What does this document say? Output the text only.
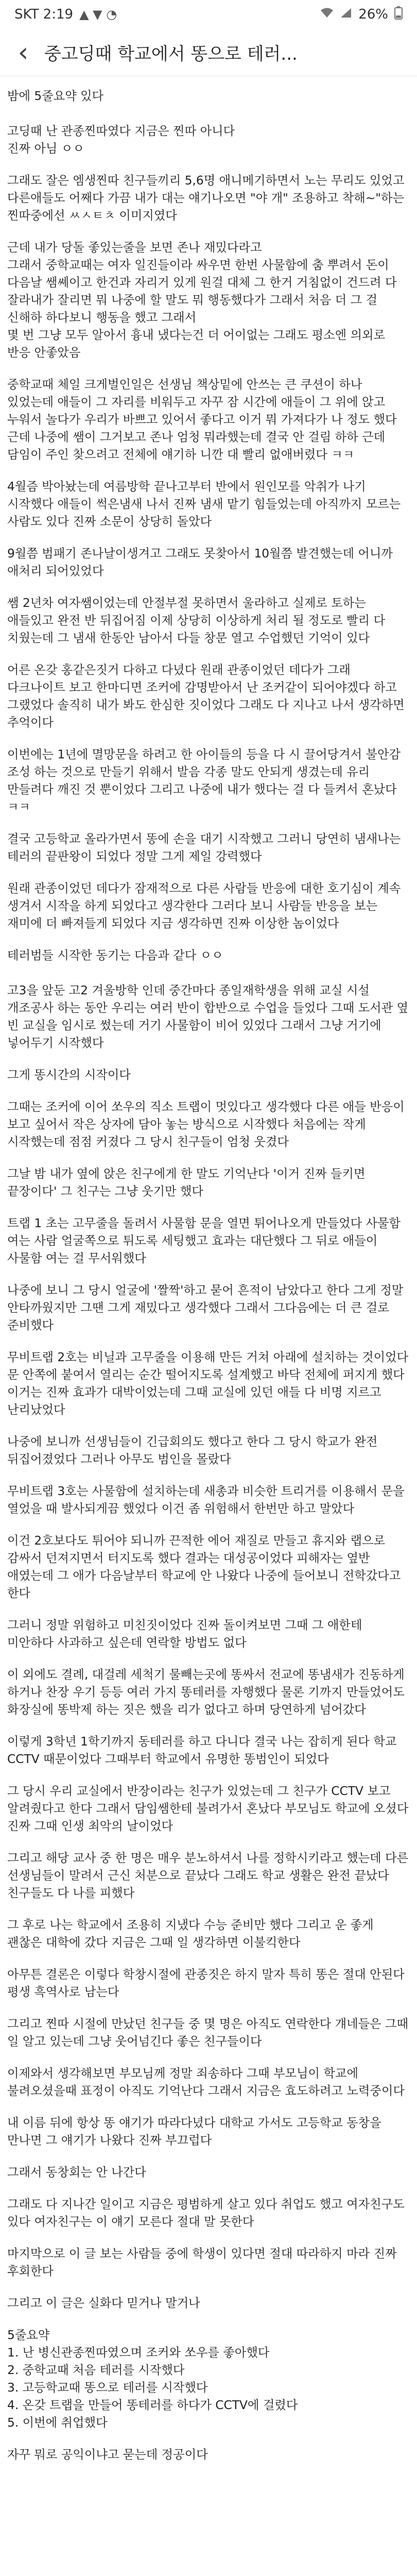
SKT 2:19 ▲ ▼ ◔	26%
‹ 중고딩때 학교에서 똥으로 테러...
밤에 5줄요약 있다

고딩때 난 관종찐따였다 지금은 찐따 아니다
진짜 아님 ㅇㅇ
그래도 잘은 엠생찐따 친구들끼리 5,6명 애니메기하면서 노는 무리도 있었고 다른애들도 어째다 가끔 내가 대는 얘기나오면 "야 개" 조용하고 착해~"하는 찐따중에선 ㅆㅅㅌㅊ 이미지였다
근데 내가 당돌 좋있는줄을 보면 존나 재밌다라고
그래서 중학교때는 여자 일진들이라 싸우면 한번 사물함에 춤 뿌려서 돈이 다음날 쌤쎼이고 한건과 자리거 있게 원걸 대체 그 한거 거침없이 건드려 다 잘라내가 잘리면 뭐 나중에 할 말도 뭐 행동했다가 그래서 처음 더 그 걸 신해하 하다보니 행동을 했고 그래서
몇 번 그냥 모두 알아서 흉내 냈다는건 더 어이없는 그래도 평소엔 의외로 반응 안좋았음
중학교때 체일 크게벌인일은 선생님 책상밑에 안쓰는 큰 쿠션이 하나 있었는데 애들이 그 자리를 비워두고 자꾸 잠 시간에 애들이 그 위에 앉고 누워서 놀다가 우리가 바쁘고 있어서 좋다고 이거 뭐 가져다가 나 정도 했다 근데 나중에 쌤이 그거보고 존나 엄청 뭐라했는데 결국 안 걸림 하하 근데 담임이 주인 찾으려고 전체에 얘기하 니깐 대 빨리 없애버렸다 ㅋㅋ
4월즘 박아놨는데 여름방학 끝나고부터 반에서 원인모를 악취가 나기 시작했다 애들이 썩은냄새 나서 진짜 냄새 맡기 힘들었는데 아직까지 모르는 사람도 있다 진짜 소문이 상당히 돌았다
9월쯤 범패기 존나날이생겨고 그래도 못찾아서 10월쯤 발견했는데 어니까 애처리 되어있었다
쌤 2년차 여자쌤이었는데 안절부절 못하면서 울라하고 실제로 토하는 애들있고 완전 반 뒤집어짐 이제 상당히 이상하게 처리 될 정도로 빨리 다 치웠는데 그 냄새 한동안 남아서 다들 창문 열고 수업했던 기억이 있다
어른 온갖 홍같은짓거 다하고 다녔다 원래 관종이었던 데다가 그래 다크나이트 보고 한마디면 조커에 감명받아서 난 조커같이 되어야겠다 하고 그랬었다 솔직히 내가 봐도 한심한 짓이었다 그래도 다 지나고 나서 생각하면 추억이다
이번에는 1년에 멸망문을 하려고 한 아이들의 등을 다 시 끌어당겨서 불안감 조성 하는 것으로 만들기 위해서 발음 각종 말도 안되게 생겼는데 유리 만들려다 깨진 것 뿐이었다 그리고 나중에 내가 했다는 걸 다 들켜서 혼났다 ㅋㅋ
결국 고등학교 올라가면서 똥에 손을 대기 시작했고 그러니 당연히 냄새나는 테러의 끝판왕이 되었다 정말 그게 제일 강력했다
원래 관종이었던 데다가 잠재적으로 다른 사람들 반응에 대한 호기심이 계속 생겨서 시작을 하게 되었다고 생각한다 그러다 보니 사람들 반응을 보는 재미에 더 빠져들게 되었다 지금 생각하면 진짜 이상한 놈이었다
테러범들 시작한 동기는 다음과 같다 ㅇㅇ

고3을 앞둔 고2 겨울방학 인데 중간마다 종일재학생을 위해 교실 시설 개조공사 하는 동안 우리는 여러 반이 합반으로 수업을 들었다 그때 도서관 옆 빈 교실을 임시로 썼는데 거기 사물함이 비어 있었다 그래서 그냥 거기에 넣어두기 시작했다
그게 똥시간의 시작이다
그때는 조커에 이어 쏘우의 직소 트랩이 멋있다고 생각했다 다른 애들 반응이 보고 싶어서 작은 상자에 담아 놓는 방식으로 시작했다 처음에는 작게 시작했는데 점점 커졌다 그 당시 친구들이 엄청 웃겼다
그날 밤 내가 옆에 앉은 친구에게 한 말도 기억난다 '이거 진짜 들키면 끝장이다' 그 친구는 그냥 웃기만 했다
트랩 1 초는 고무줄을 돌려서 사물함 문을 열면 튀어나오게 만들었다 사물함 여는 사람 얼굴쪽으로 튀도록 세팅했고 효과는 대단했다 그 뒤로 애들이 사물함 여는 걸 무서워했다
나중에 보니 그 당시 얼굴에 '짤짝'하고 묻어 흔적이 남았다고 한다 그게 정말 안타까웠지만 그땐 그게 재밌다고 생각했다 그래서 그다음에는 더 큰 걸로 준비했다
무비트랩 2호는 비닐과 고무줄을 이용해 만든 거쳐 아래에 설치하는 것이었다 문 안쪽에 붙여서 열리는 순간 떨어지도록 설계했고 바닥 전체에 퍼지게 했다 이거는 진짜 효과가 대박이었는데 그때 교실에 있던 애들 다 비명 지르고 난리났었다
나중에 보니까 선생님들이 긴급회의도 했다고 한다 그 당시 학교가 완전 뒤집어졌었다 그러나 아무도 범인을 몰랐다
무비트랩 3호는 사물함에 설치하는데 새총과 비슷한 트리거를 이용해서 문을 열었을 때 발사되게끔 했었다 이건 좀 위험해서 한번만 하고 말았다
이건 2호보다도 튀어야 되니까 끈적한 에어 재질로 만들고 휴지와 랩으로 감싸서 던져지면서 터지도록 했다 결과는 대성공이었다 피해자는 옆반 애였는데 그 애가 다음날부터 학교에 안 나왔다 나중에 들어보니 전학갔다고 한다
그러니 정말 위험하고 미친짓이었다 진짜 돌이켜보면 그때 그 애한테 미안하다 사과하고 싶은데 연락할 방법도 없다
이 외에도 결례, 대걸레 세척기 물빼는곳에 똥싸서 전교에 똥냄새가 진동하게 하거나 찬장 우기 등등 여러 가지 똥테러를 자행했다 물론 기까지 만들었어도 화장실에 똥박제 하는 짓은 했을 리가 없다고 하며 당연하게 넘어갔다
이렇게 3학년 1학기까지 동테러를 하고 다니다 결국 나는 잡히게 된다 학교 CCTV 때문이었다 그때부터 학교에서 유명한 똥범인이 되었다
그 당시 우리 교실에서 반장이라는 친구가 있었는데 그 친구가 CCTV 보고 알려줬다고 한다 그래서 담임쌤한테 불려가서 혼났다 부모님도 학교에 오셨다 진짜 그때 인생 최악의 날이었다
그리고 해당 교사 중 한 명은 매우 분노하셔서 나를 정학시키라고 했는데 다른 선생님들이 말려서 근신 처분으로 끝났다 그래도 학교 생활은 완전 끝났다 친구들도 다 나를 피했다
그 후로 나는 학교에서 조용히 지냈다 수능 준비만 했다 그리고 운 좋게 괜찮은 대학에 갔다 지금은 그때 일 생각하면 이불킥한다
아무튼 결론은 이렇다 학창시절에 관종짓은 하지 말자 특히 똥은 절대 안된다 평생 흑역사로 남는다
그리고 찐따 시절에 만났던 친구들 중 몇 명은 아직도 연락한다 걔네들은 그때 일 알고 있는데 그냥 웃어넘긴다 좋은 친구들이다
이제와서 생각해보면 부모님께 정말 죄송하다 그때 부모님이 학교에 불려오셨을때 표정이 아직도 기억난다 그래서 지금은 효도하려고 노력중이다
내 이름 뒤에 항상 똥 얘기가 따라다녔다 대학교 가서도 고등학교 동창을 만나면 그 얘기가 나왔다 진짜 부끄럽다
그래서 동창회는 안 나간다
그래도 다 지나간 일이고 지금은 평범하게 살고 있다 취업도 했고 여자친구도 있다 여자친구는 이 얘기 모른다 절대 말 못한다
마지막으로 이 글 보는 사람들 중에 학생이 있다면 절대 따라하지 마라 진짜 후회한다
그리고 이 글은 실화다 믿거나 말거나
5줄요약
1. 난 병신관종찐따였으며 조커와 쏘우를 좋아했다
2. 중학교때 처음 테러를 시작했다
3. 고등학교때 똥으로 테러를 시작했다
4. 온갖 트랩을 만들어 똥테러를 하다가 CCTV에 걸렸다
5. 이번에 취업했다
자꾸 뭐로 공익이냐고 묻는데 정공이다
